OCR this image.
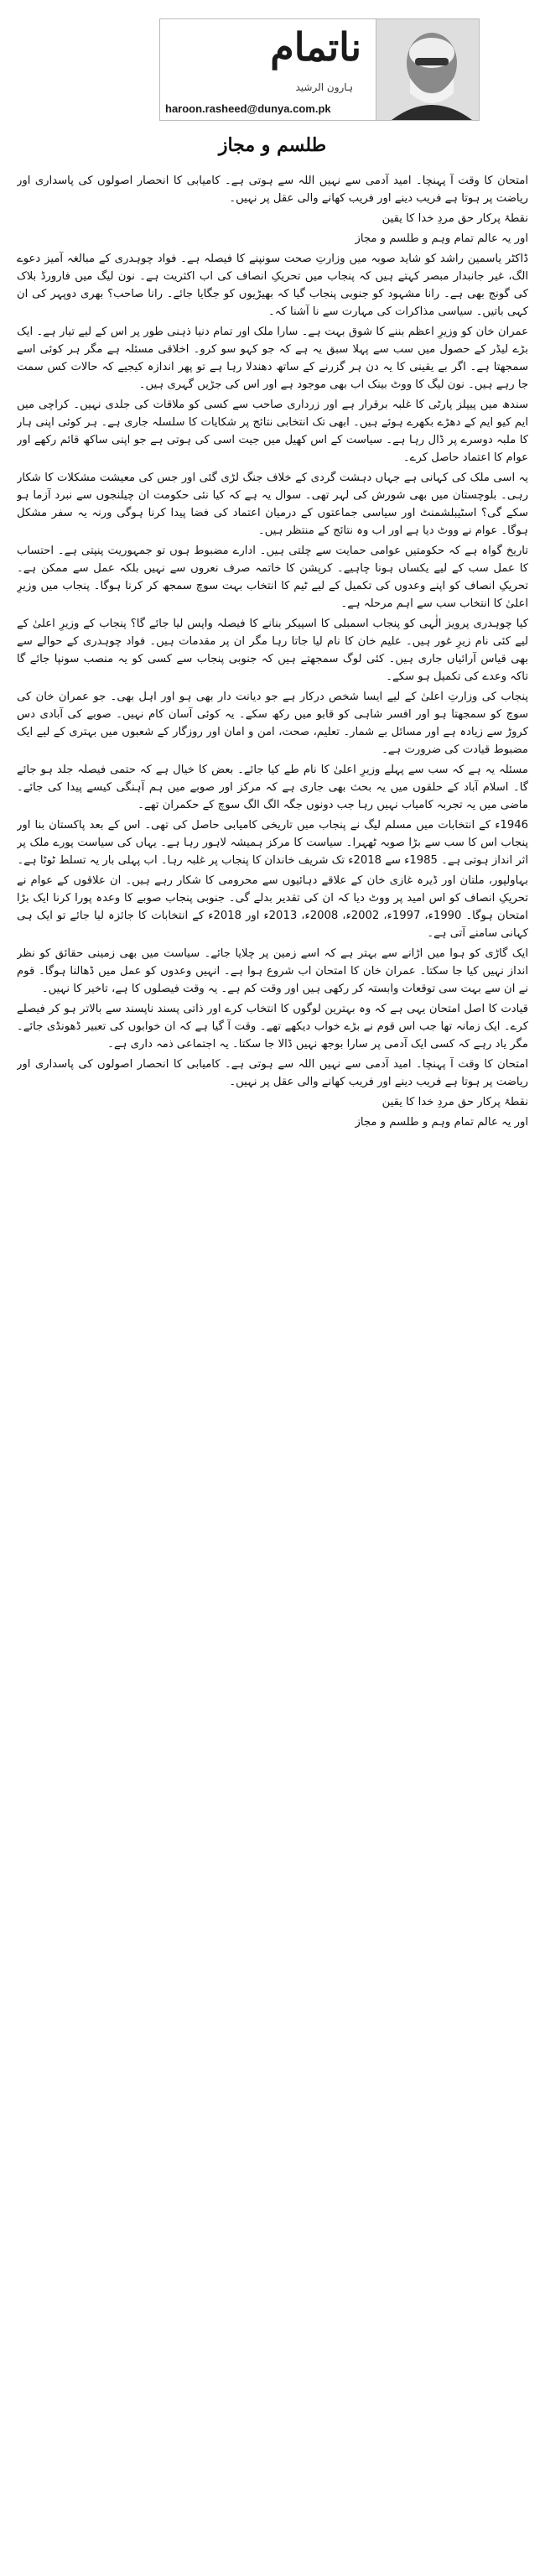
ناتمام
ہارون الرشید
haroon.rasheed@dunya.com.pk
طلسم و مجاز

امتحان کا وقت آ پہنچا۔ امید آدمی سے نہیں اللہ سے ہوتی ہے۔ کامیابی کا انحصار اصولوں کی پاسداری اور ریاضت پر ہوتا ہے فریب دینے اور فریب کھانے والی عقل پر نہیں۔

نقطۂ پرکار حق مردِ خدا کا یقین

اور یہ عالم تمام وہم و طلسم و مجاز

ڈاکٹر یاسمین راشد کو شاید صوبہ میں وزارتِ صحت سونپنے کا فیصلہ ہے۔ فواد چوہدری کے مبالغہ آمیز دعوے الگ، غیر جانبدار مبصر کہتے ہیں کہ پنجاب میں تحریکِ انصاف کی اب اکثریت ہے۔ نون لیگ میں فارورڈ بلاک کی گونج بھی ہے۔ رانا مشہود کو جنوبی پنجاب گیا کہ بھیڑیوں کو جگایا جائے۔ رانا صاحب؟ بھری دوپہر کی ان کہی باتیں۔ سیاسی مذاکرات کی مہارت سے نا آشنا کہ۔

عمران خان کو وزیرِ اعظم بننے کا شوق بہت ہے۔ سارا ملک اور تمام دنیا ذہنی طور پر اس کے لیے تیار ہے۔ ایک بڑے لیڈر کے حصول میں سب سے پہلا سبق یہ ہے کہ جو کہو سو کرو۔ اخلاقی مسئلہ ہے مگر ہر کوئی اسے سمجھتا ہے۔ اگر بے یقینی کا یہ دن ہر گزرنے کے ساتھ دھندلا رہا ہے تو پھر اندازہ کیجیے کہ حالات کس سمت جا رہے ہیں۔ نون لیگ کا ووٹ بینک اب بھی موجود ہے اور اس کی جڑیں گہری ہیں۔

سندھ میں پیپلز پارٹی کا غلبہ برقرار ہے اور زرداری صاحب سے کسی کو ملاقات کی جلدی نہیں۔ کراچی میں ایم کیو ایم کے دھڑے بکھرے ہوئے ہیں۔ ابھی تک انتخابی نتائج پر شکایات کا سلسلہ جاری ہے۔ ہر کوئی اپنی ہار کا ملبہ دوسرے پر ڈال رہا ہے۔ سیاست کے اس کھیل میں جیت اسی کی ہوتی ہے جو اپنی ساکھ قائم رکھے اور عوام کا اعتماد حاصل کرے۔

یہ اسی ملک کی کہانی ہے جہاں دہشت گردی کے خلاف جنگ لڑی گئی اور جس کی معیشت مشکلات کا شکار رہی۔ بلوچستان میں بھی شورش کی لہر تھی۔ سوال یہ ہے کہ کیا نئی حکومت ان چیلنجوں سے نبرد آزما ہو سکے گی؟ اسٹیبلشمنٹ اور سیاسی جماعتوں کے درمیان اعتماد کی فضا پیدا کرنا ہوگی ورنہ یہ سفر مشکل ہوگا۔ عوام نے ووٹ دیا ہے اور اب وہ نتائج کے منتظر ہیں۔

تاریخ گواہ ہے کہ حکومتیں عوامی حمایت سے چلتی ہیں۔ ادارے مضبوط ہوں تو جمہوریت پنپتی ہے۔ احتساب کا عمل سب کے لیے یکساں ہونا چاہیے۔ کرپشن کا خاتمہ صرف نعروں سے نہیں بلکہ عمل سے ممکن ہے۔ تحریکِ انصاف کو اپنے وعدوں کی تکمیل کے لیے ٹیم کا انتخاب بہت سوچ سمجھ کر کرنا ہوگا۔ پنجاب میں وزیرِ اعلیٰ کا انتخاب سب سے اہم مرحلہ ہے۔

کیا چوہدری پرویز الٰہی کو پنجاب اسمبلی کا اسپیکر بنانے کا فیصلہ واپس لیا جائے گا؟ پنجاب کے وزیرِ اعلیٰ کے لیے کئی نام زیرِ غور ہیں۔ علیم خان کا نام لیا جاتا رہا مگر ان پر مقدمات ہیں۔ فواد چوہدری کے حوالے سے بھی قیاس آرائیاں جاری ہیں۔ کئی لوگ سمجھتے ہیں کہ جنوبی پنجاب سے کسی کو یہ منصب سونپا جائے گا تاکہ وعدے کی تکمیل ہو سکے۔

پنجاب کی وزارتِ اعلیٰ کے لیے ایسا شخص درکار ہے جو دیانت دار بھی ہو اور اہل بھی۔ جو عمران خان کی سوچ کو سمجھتا ہو اور افسر شاہی کو قابو میں رکھ سکے۔ یہ کوئی آسان کام نہیں۔ صوبے کی آبادی دس کروڑ سے زیادہ ہے اور مسائل بے شمار۔ تعلیم، صحت، امن و امان اور روزگار کے شعبوں میں بہتری کے لیے ایک مضبوط قیادت کی ضرورت ہے۔

مسئلہ یہ ہے کہ سب سے پہلے وزیرِ اعلیٰ کا نام طے کیا جائے۔ بعض کا خیال ہے کہ حتمی فیصلہ جلد ہو جائے گا۔ اسلام آباد کے حلقوں میں یہ بحث بھی جاری ہے کہ مرکز اور صوبے میں ہم آہنگی کیسے پیدا کی جائے۔ ماضی میں یہ تجربہ کامیاب نہیں رہا جب دونوں جگہ الگ الگ سوچ کے حکمران تھے۔

1946ء کے انتخابات میں مسلم لیگ نے پنجاب میں تاریخی کامیابی حاصل کی تھی۔ اس کے بعد پاکستان بنا اور پنجاب اس کا سب سے بڑا صوبہ ٹھہرا۔ سیاست کا مرکز ہمیشہ لاہور رہا ہے۔ یہاں کی سیاست پورے ملک پر اثر انداز ہوتی ہے۔ 1985ء سے 2018ء تک شریف خاندان کا پنجاب پر غلبہ رہا۔ اب پہلی بار یہ تسلط ٹوٹا ہے۔

بہاولپور، ملتان اور ڈیرہ غازی خان کے علاقے دہائیوں سے محرومی کا شکار رہے ہیں۔ ان علاقوں کے عوام نے تحریکِ انصاف کو اس امید پر ووٹ دیا کہ ان کی تقدیر بدلے گی۔ جنوبی پنجاب صوبے کا وعدہ پورا کرنا ایک بڑا امتحان ہوگا۔ 1990ء، 1997ء، 2002ء، 2008ء، 2013ء اور 2018ء کے انتخابات کا جائزہ لیا جائے تو ایک ہی کہانی سامنے آتی ہے۔

ایک گاڑی کو ہوا میں اڑانے سے بہتر ہے کہ اسے زمین پر چلایا جائے۔ سیاست میں بھی زمینی حقائق کو نظر انداز نہیں کیا جا سکتا۔ عمران خان کا امتحان اب شروع ہوا ہے۔ انہیں وعدوں کو عمل میں ڈھالنا ہوگا۔ قوم نے ان سے بہت سی توقعات وابستہ کر رکھی ہیں اور وقت کم ہے۔ یہ وقت فیصلوں کا ہے، تاخیر کا نہیں۔

قیادت کا اصل امتحان یہی ہے کہ وہ بہترین لوگوں کا انتخاب کرے اور ذاتی پسند ناپسند سے بالاتر ہو کر فیصلے کرے۔ ایک زمانہ تھا جب اس قوم نے بڑے خواب دیکھے تھے۔ وقت آ گیا ہے کہ ان خوابوں کی تعبیر ڈھونڈی جائے۔ مگر یاد رہے کہ کسی ایک آدمی پر سارا بوجھ نہیں ڈالا جا سکتا۔ یہ اجتماعی ذمہ داری ہے۔

امتحان کا وقت آ پہنچا۔ امید آدمی سے نہیں اللہ سے ہوتی ہے۔ کامیابی کا انحصار اصولوں کی پاسداری اور ریاضت پر ہوتا ہے فریب دینے اور فریب کھانے والی عقل پر نہیں۔

نقطۂ پرکار حق مردِ خدا کا یقین

اور یہ عالم تمام وہم و طلسم و مجاز
